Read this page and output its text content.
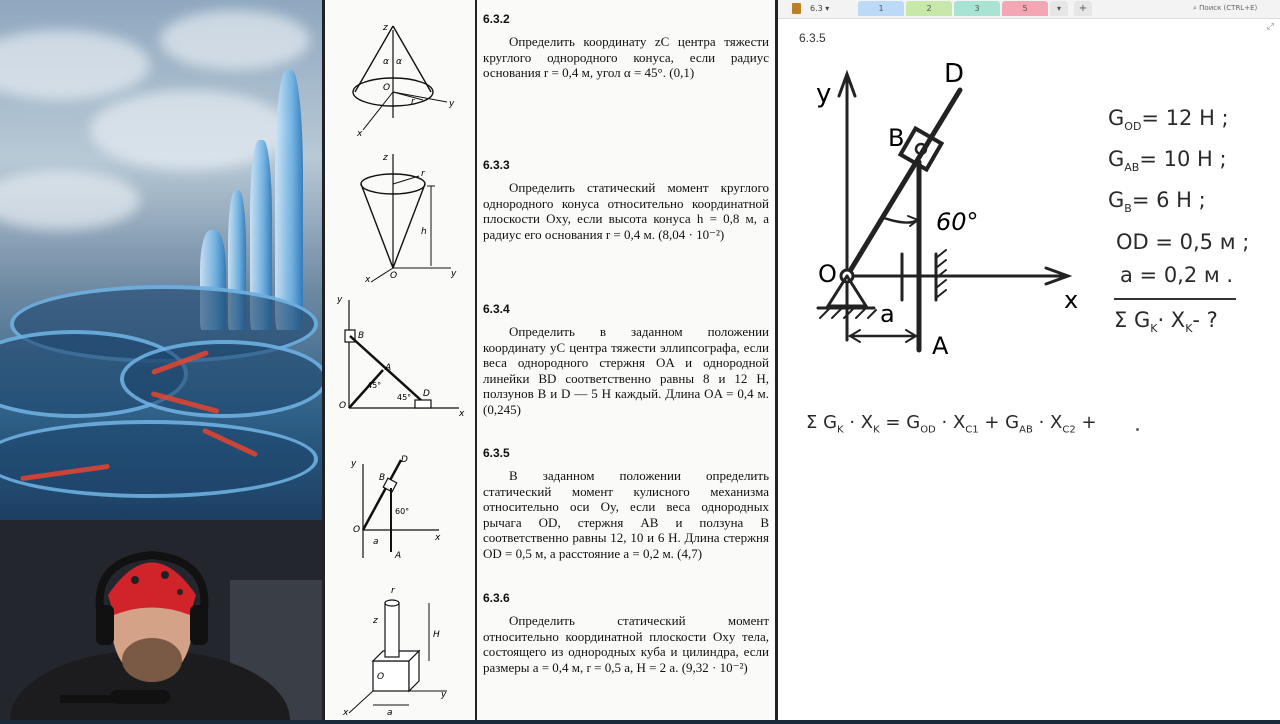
z
α α
O
r	y
x
6.3.2
Определить координату zC центра тяжести круглого однородного конуса, если радиус основания r = 0,4 м, угол α = 45°. (0,1)
z
r
h
O	y
x
6.3.3
Определить статический момент круглого однородного конуса относительно координатной плоскости Oxy, если высота конуса h = 0,8 м, а радиус его основания r = 0,4 м. (8,04 · 10⁻²)
y
B
A
45°
45° D
O
x
6.3.4
Определить в заданном положении координату yC центра тяжести эллипсографа, если веса однородного стержня OA и однородной линейки BD соответственно равны 8 и 12 Н, ползунов B и D — 5 Н каждый. Длина OA = 0,4 м. (0,245)
y	D
B
60°
O
a
A
x
6.3.5
В заданном положении определить статический момент кулисного механизма относительно оси Oy, если веса однородных рычага OD, стержня AB и ползуна B соответственно равны 12, 10 и 6 Н. Длина стержня OD = 0,5 м, а расстояние a = 0,2 м. (4,7)
r
z
H
O
a
y
x
6.3.6
Определить статический момент относительно координатной плоскости Oxy тела, состоящего из однородных куба и цилиндра, если размеры a = 0,4 м, r = 0,5 a, H = 2 a. (9,32 · 10⁻²)
6.3 ▾	1	2	3	5	▾	+	⌕ Поиск (CTRL+E)
⤢
6.3.5
y
D
B
60°
O
a
A
x
$G_{OD}= 12$ H ;
$G_{AB}= 10$ H ;
$G_B= 6$ H ;
OD = 0,5 м ;
a = 0,2 м .
Σ $G_K\cdot X_K-$ ?
Σ $G_K \cdot X_K = G_{OD} \cdot X_{C1} + G_{AB} \cdot X_{C2}$ +
